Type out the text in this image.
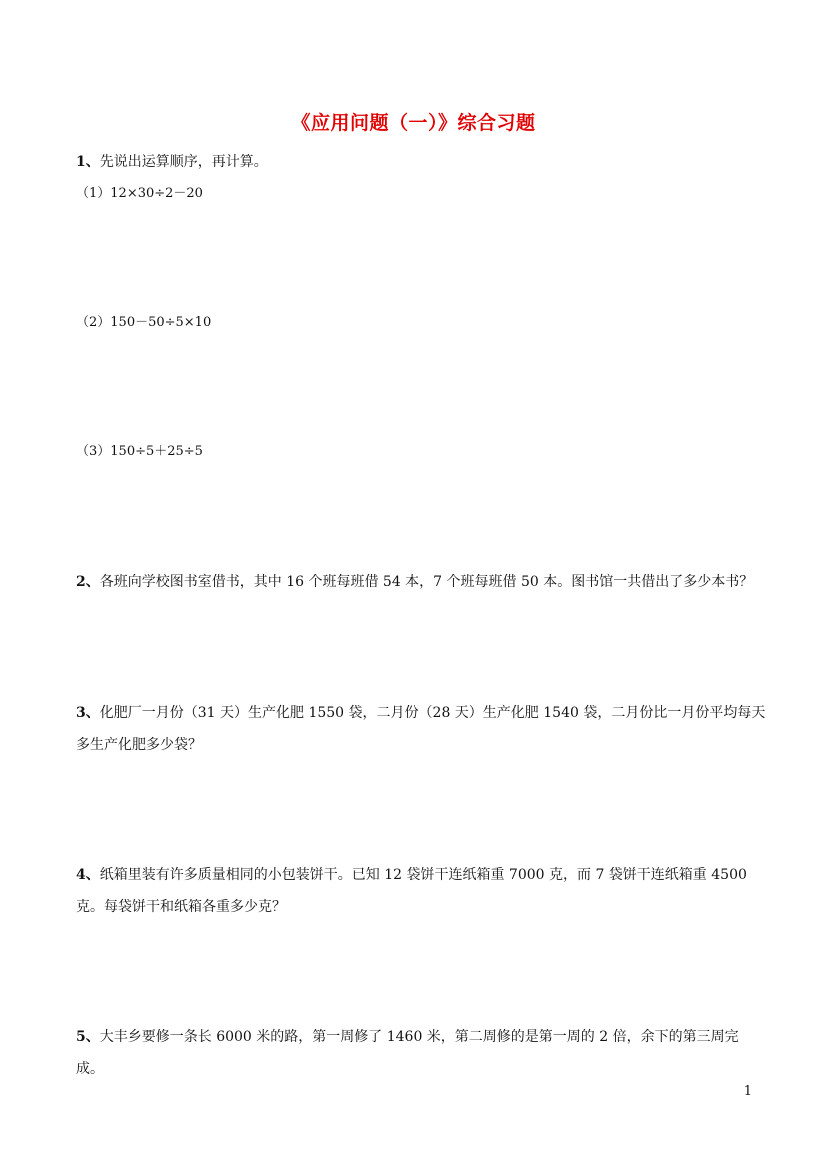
《应用问题（一）》综合习题
1、先说出运算顺序，再计算。
（1）12×30÷2－20
（2）150－50÷5×10
（3）150÷5＋25÷5
2、各班向学校图书室借书，其中 16 个班每班借 54 本，7 个班每班借 50 本。图书馆一共借出了多少本书？
3、化肥厂一月份（31 天）生产化肥 1550 袋，二月份（28 天）生产化肥 1540 袋，二月份比一月份平均每天多生产化肥多少袋？
4、纸箱里装有许多质量相同的小包装饼干。已知 12 袋饼干连纸箱重 7000 克，而 7 袋饼干连纸箱重 4500 克。每袋饼干和纸箱各重多少克？
5、大丰乡要修一条长 6000 米的路，第一周修了 1460 米，第二周修的是第一周的 2 倍，余下的第三周完成。
1
